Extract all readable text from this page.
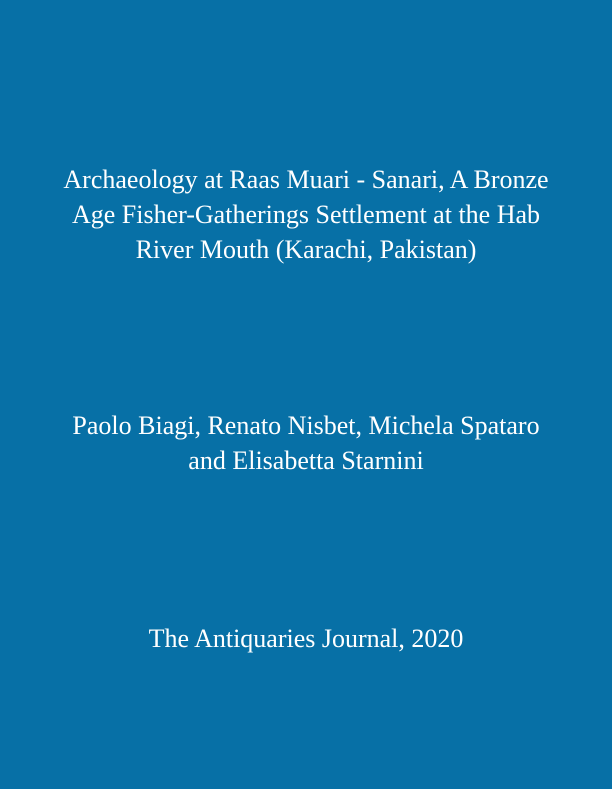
Archaeology at Raas Muari - Sanari, A Bronze
Age Fisher-Gatherings Settlement at the Hab
River Mouth (Karachi, Pakistan)
Paolo Biagi, Renato Nisbet, Michela Spataro
and Elisabetta Starnini
The Antiquaries Journal, 2020
